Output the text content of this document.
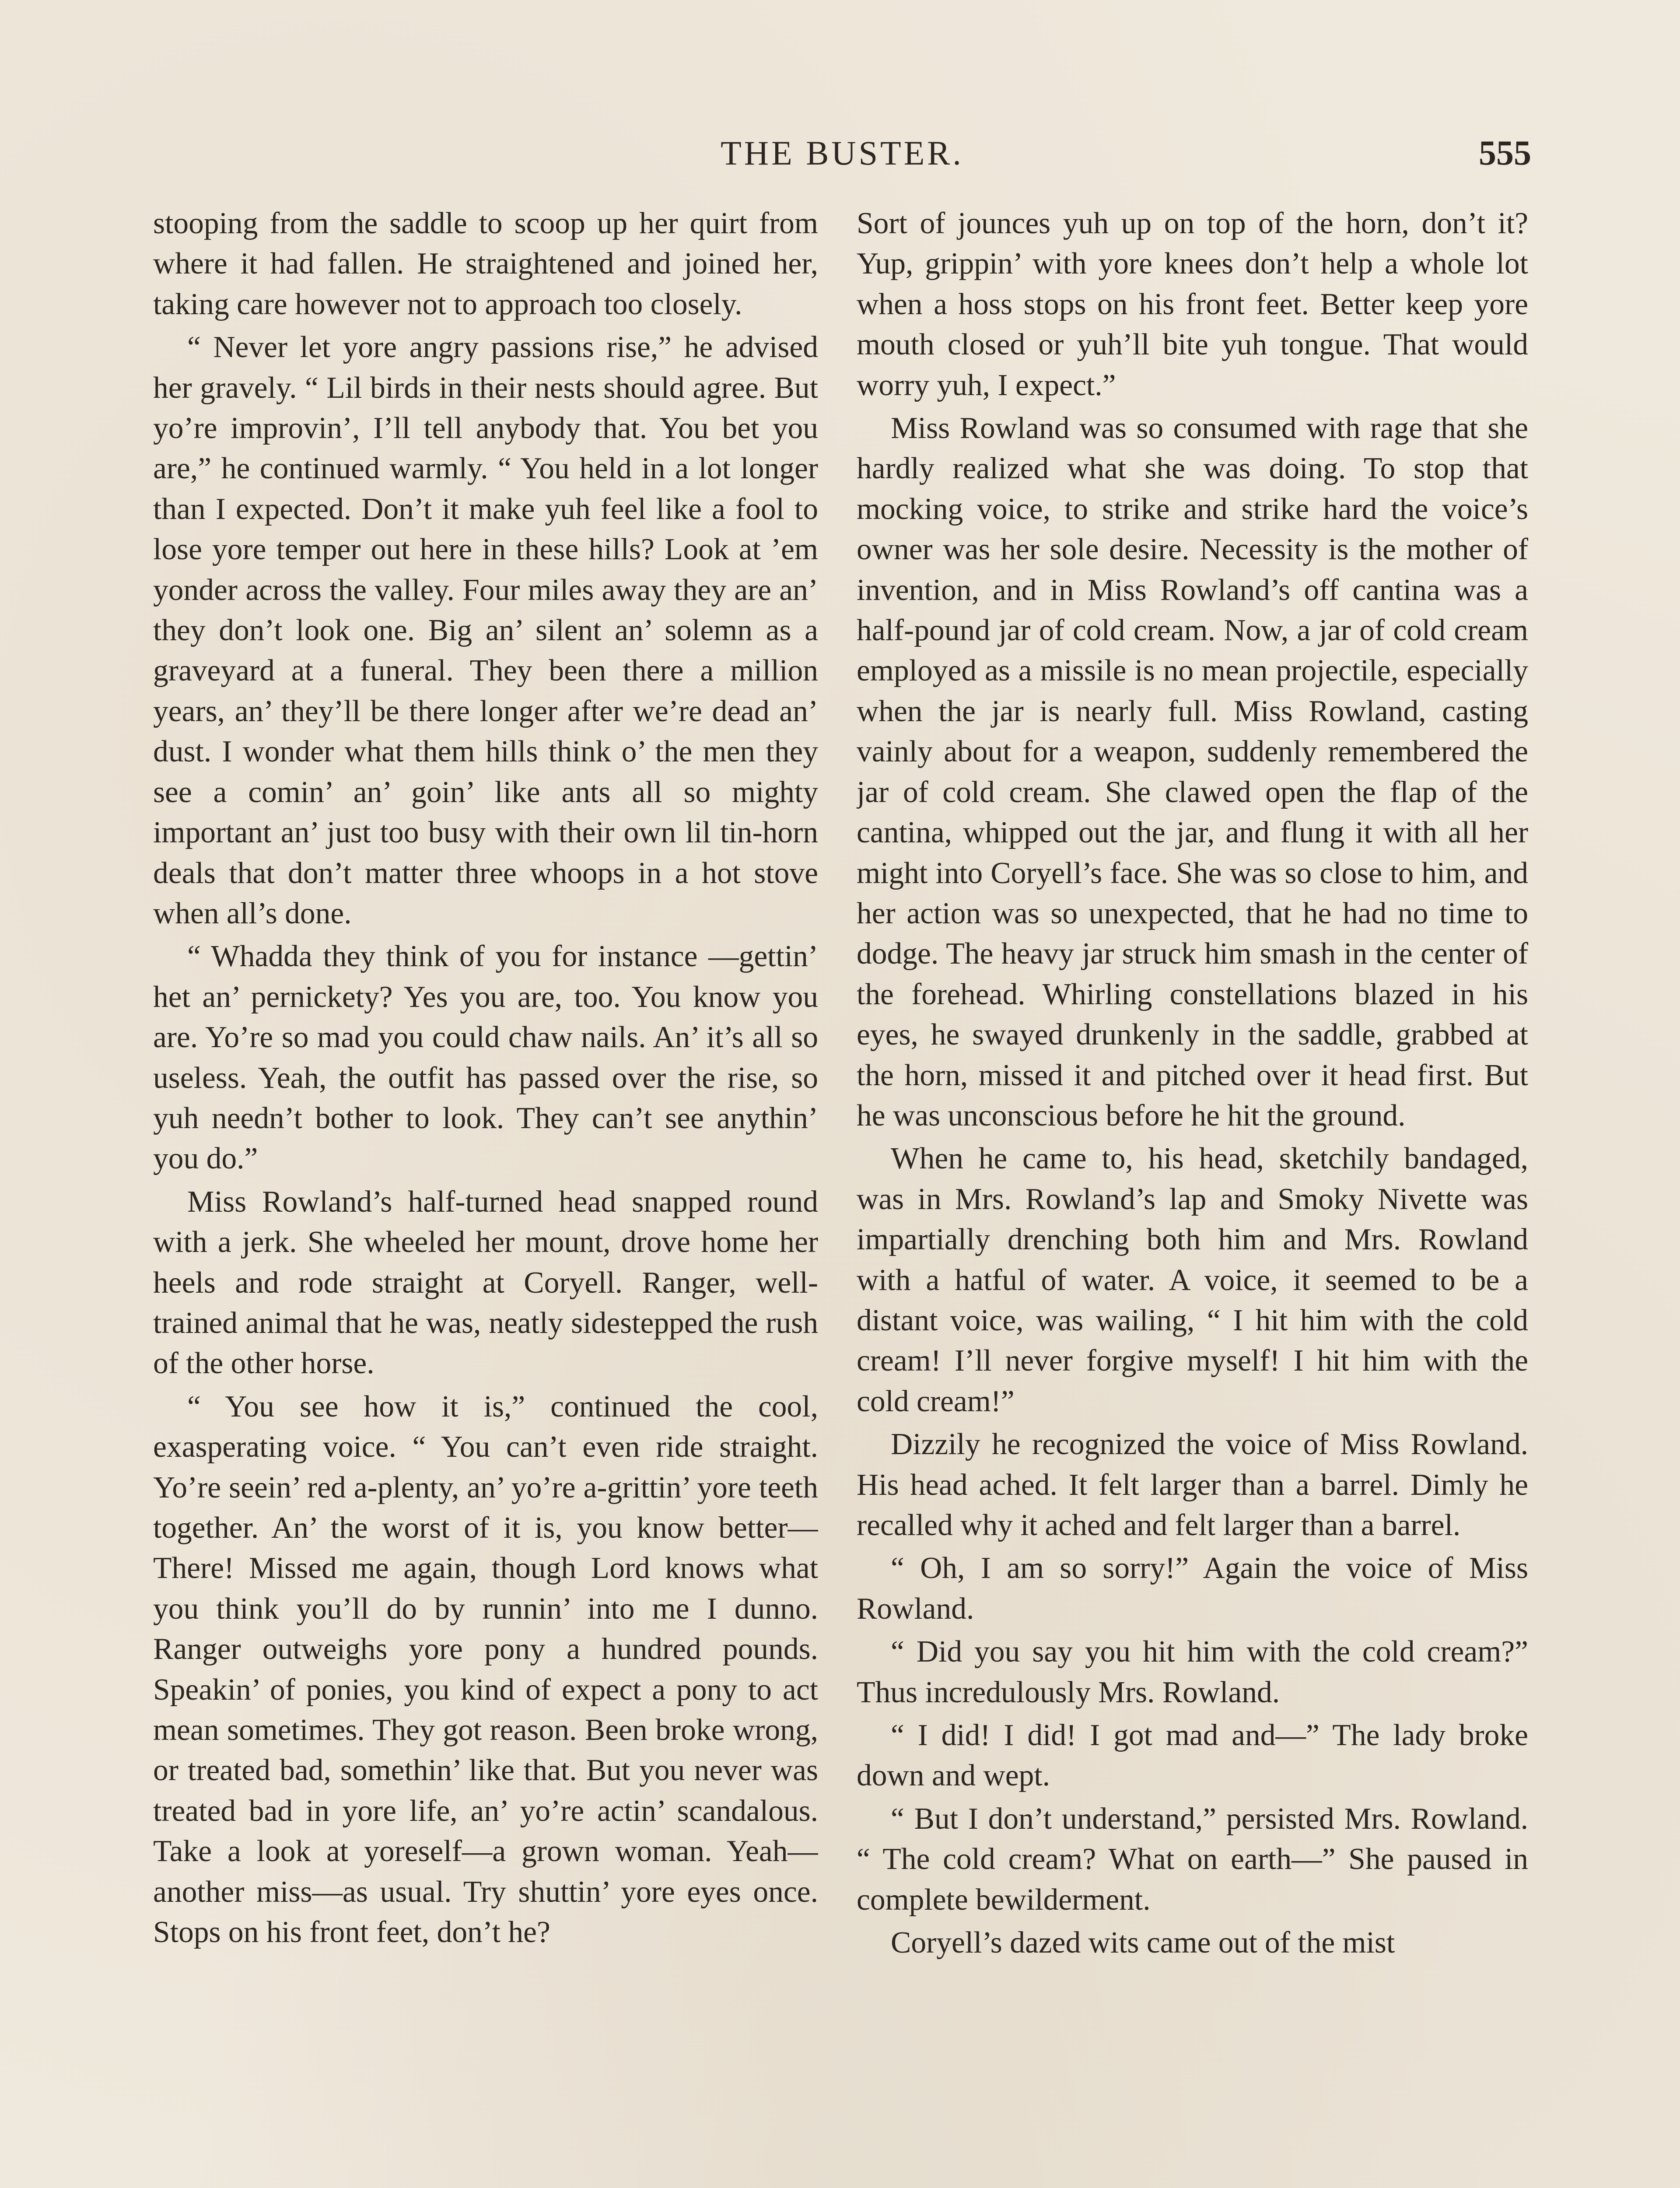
THE BUSTER.	555

stooping from the saddle to scoop up her quirt from where it had fallen. He straightened and joined her, taking care however not to approach too closely.

“ Never let yore angry passions rise,” he advised her gravely. “ Lil birds in their nests should agree. But yo’re improvin’, I’ll tell anybody that. You bet you are,” he continued warmly. “ You held in a lot longer than I expected. Don’t it make yuh feel like a fool to lose yore temper out here in these hills? Look at ’em yonder across the valley. Four miles away they are an’ they don’t look one. Big an’ silent an’ solemn as a graveyard at a funeral. They been there a million years, an’ they’ll be there longer after we’re dead an’ dust. I wonder what them hills think o’ the men they see a comin’ an’ goin’ like ants all so mighty important an’ just too busy with their own lil tin-horn deals that don’t matter three whoops in a hot stove when all’s done.

“ Whadda they think of you for instance —gettin’ het an’ pernickety? Yes you are, too. You know you are. Yo’re so mad you could chaw nails. An’ it’s all so useless. Yeah, the outfit has passed over the rise, so yuh needn’t bother to look. They can’t see anythin’ you do.”

Miss Rowland’s half-turned head snapped round with a jerk. She wheeled her mount, drove home her heels and rode straight at Coryell. Ranger, well-trained animal that he was, neatly sidestepped the rush of the other horse.

“ You see how it is,” continued the cool, exasperating voice. “ You can’t even ride straight. Yo’re seein’ red a-plenty, an’ yo’re a-grittin’ yore teeth together. An’ the worst of it is, you know better—There! Missed me again, though Lord knows what you think you’ll do by runnin’ into me I dunno. Ranger outweighs yore pony a hundred pounds. Speakin’ of ponies, you kind of expect a pony to act mean sometimes. They got reason. Been broke wrong, or treated bad, somethin’ like that. But you never was treated bad in yore life, an’ yo’re actin’ scandalous. Take a look at yoreself—a grown woman. Yeah—another miss—as usual. Try shuttin’ yore eyes once. Stops on his front feet, don’t he?

Sort of jounces yuh up on top of the horn, don’t it? Yup, grippin’ with yore knees don’t help a whole lot when a hoss stops on his front feet. Better keep yore mouth closed or yuh’ll bite yuh tongue. That would worry yuh, I expect.”

Miss Rowland was so consumed with rage that she hardly realized what she was doing. To stop that mocking voice, to strike and strike hard the voice’s owner was her sole desire. Necessity is the mother of invention, and in Miss Rowland’s off cantina was a half-pound jar of cold cream. Now, a jar of cold cream employed as a missile is no mean projectile, especially when the jar is nearly full. Miss Rowland, casting vainly about for a weapon, suddenly remembered the jar of cold cream. She clawed open the flap of the cantina, whipped out the jar, and flung it with all her might into Coryell’s face. She was so close to him, and her action was so unexpected, that he had no time to dodge. The heavy jar struck him smash in the center of the forehead. Whirling constellations blazed in his eyes, he swayed drunkenly in the saddle, grabbed at the horn, missed it and pitched over it head first. But he was unconscious before he hit the ground.

When he came to, his head, sketchily bandaged, was in Mrs. Rowland’s lap and Smoky Nivette was impartially drenching both him and Mrs. Rowland with a hatful of water. A voice, it seemed to be a distant voice, was wailing, “ I hit him with the cold cream! I’ll never forgive myself! I hit him with the cold cream!”

Dizzily he recognized the voice of Miss Rowland. His head ached. It felt larger than a barrel. Dimly he recalled why it ached and felt larger than a barrel.

“ Oh, I am so sorry!” Again the voice of Miss Rowland.

“ Did you say you hit him with the cold cream?” Thus incredulously Mrs. Rowland.

“ I did! I did! I got mad and—” The lady broke down and wept.

“ But I don’t understand,” persisted Mrs. Rowland. “ The cold cream? What on earth—” She paused in complete bewilderment.

Coryell’s dazed wits came out of the mist
